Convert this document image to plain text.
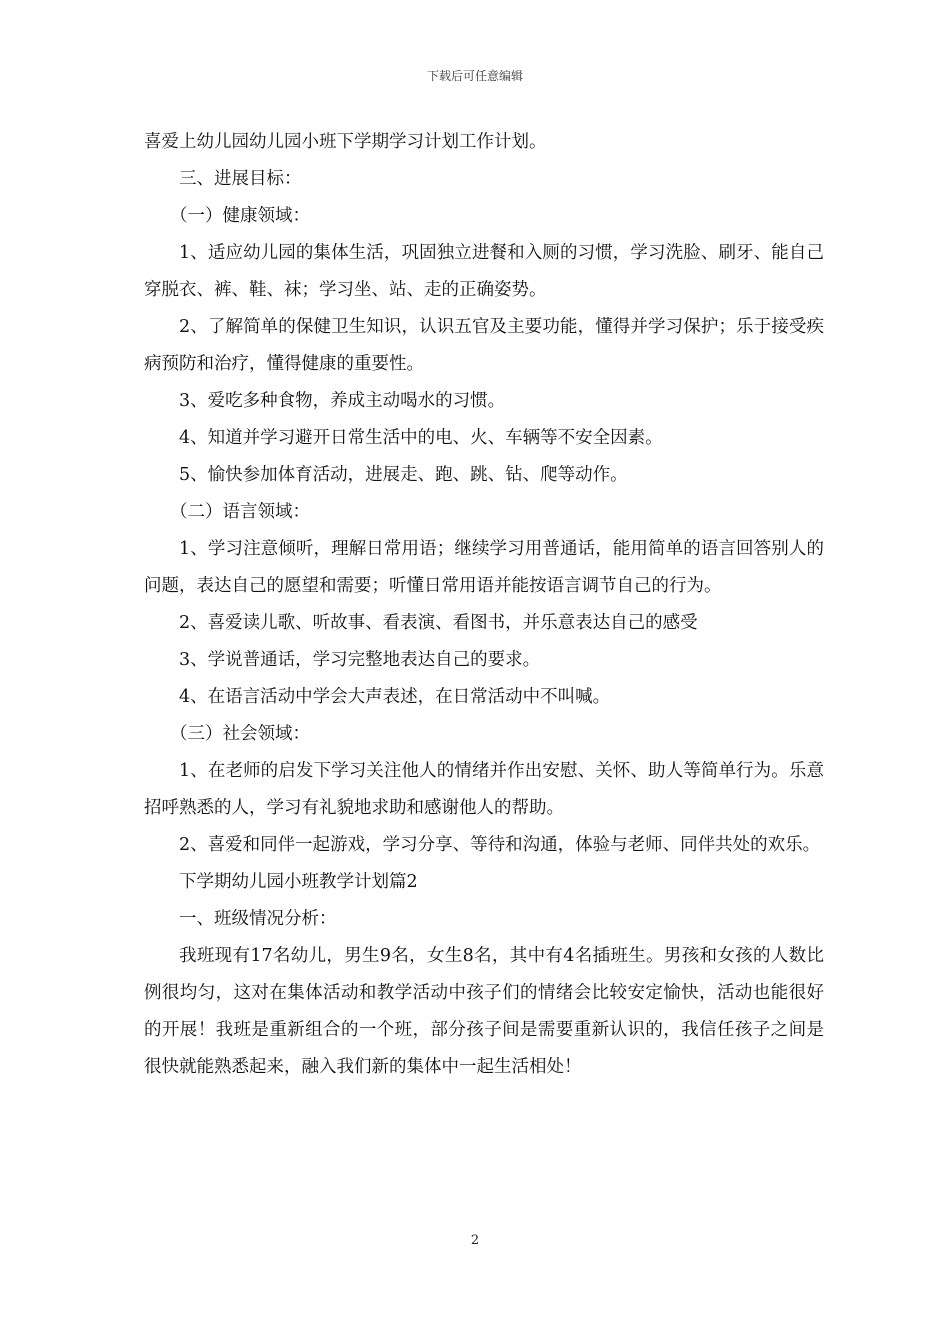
下载后可任意编辑

喜爱上幼儿园幼儿园小班下学期学习计划工作计划。

三、进展目标：

（一）健康领域：

1、适应幼儿园的集体生活，巩固独立进餐和入厕的习惯，学习洗脸、刷牙、能自己穿脱衣、裤、鞋、袜；学习坐、站、走的正确姿势。

2、了解简单的保健卫生知识，认识五官及主要功能，懂得并学习保护；乐于接受疾病预防和治疗，懂得健康的重要性。

3、爱吃多种食物，养成主动喝水的习惯。

4、知道并学习避开日常生活中的电、火、车辆等不安全因素。

5、愉快参加体育活动，进展走、跑、跳、钻、爬等动作。

（二）语言领域：

1、学习注意倾听，理解日常用语；继续学习用普通话，能用简单的语言回答别人的问题，表达自己的愿望和需要；听懂日常用语并能按语言调节自己的行为。

2、喜爱读儿歌、听故事、看表演、看图书，并乐意表达自己的感受

3、学说普通话，学习完整地表达自己的要求。

4、在语言活动中学会大声表述，在日常活动中不叫喊。

（三）社会领域：

1、在老师的启发下学习关注他人的情绪并作出安慰、关怀、助人等简单行为。乐意招呼熟悉的人，学习有礼貌地求助和感谢他人的帮助。

2、喜爱和同伴一起游戏，学习分享、等待和沟通，体验与老师、同伴共处的欢乐。

下学期幼儿园小班教学计划篇2

一、班级情况分析：

我班现有17名幼儿，男生9名，女生8名，其中有4名插班生。男孩和女孩的人数比例很均匀，这对在集体活动和教学活动中孩子们的情绪会比较安定愉快，活动也能很好的开展！我班是重新组合的一个班，部分孩子间是需要重新认识的，我信任孩子之间是很快就能熟悉起来，融入我们新的集体中一起生活相处！

2
